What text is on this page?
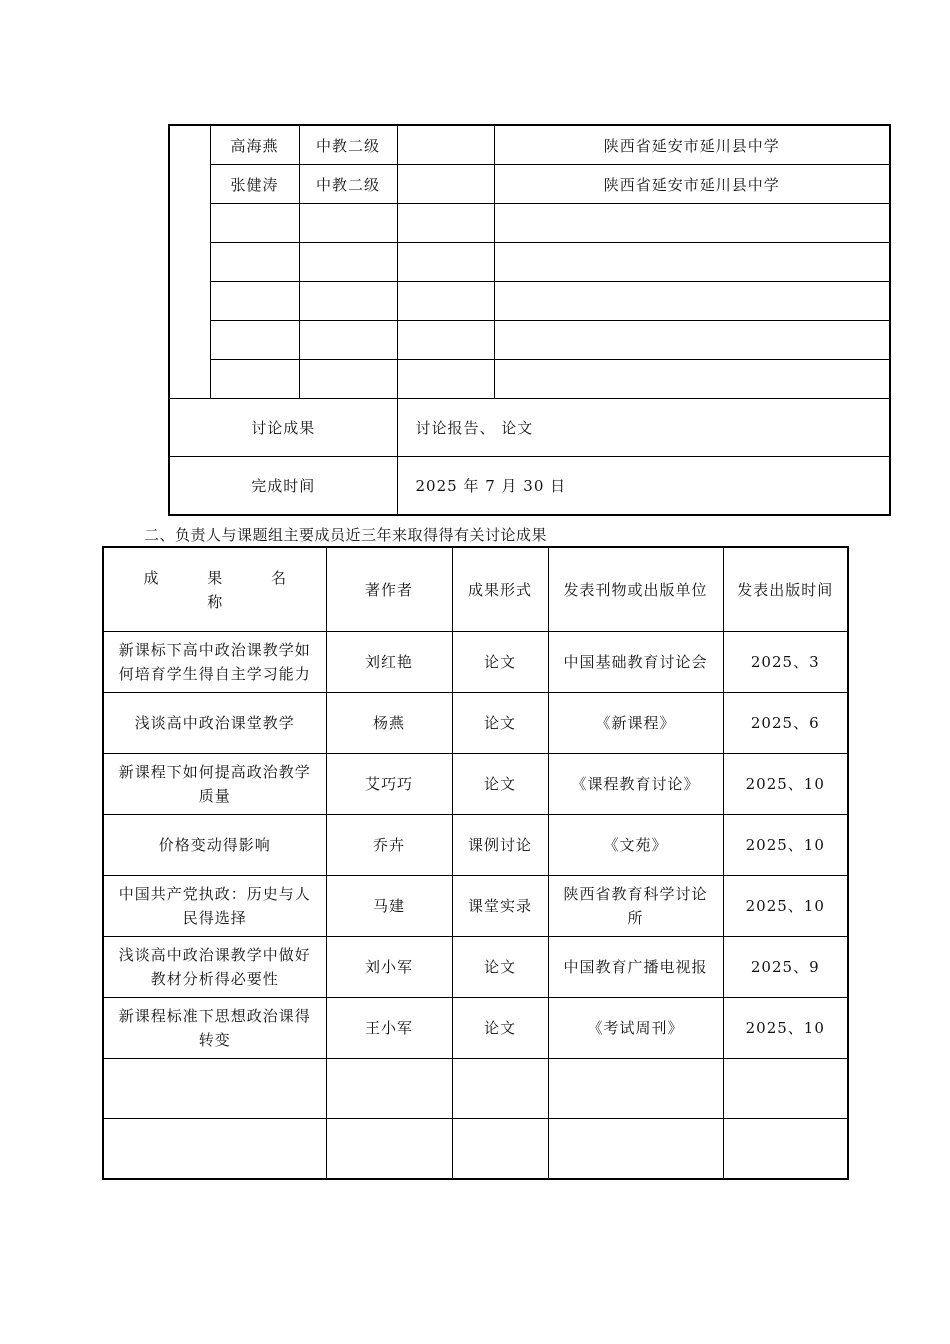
	高海燕	中教二级		陕西省延安市延川县中学
	张健涛	中教二级		陕西省延安市延川县中学

讨论成果			讨论报告、 论文	
完成时间			2025 年 7 月 30 日	

二、负责人与课题组主要成员近三年来取得得有关讨论成果

成 果 名 称	著作者	成果形式	发表刊物或出版单位	发表出版时间
新课标下高中政治课教学如何培育学生得自主学习能力	刘红艳	论文	中国基础教育讨论会	2025、3
浅谈高中政治课堂教学	杨燕	论文	《新课程》	2025、6
新课程下如何提高政治教学质量	艾巧巧	论文	《课程教育讨论》	2025、10
价格变动得影响	乔卉	课例讨论	《文苑》	2025、10
中国共产党执政：历史与人民得选择	马建	课堂实录	陕西省教育科学讨论所	2025、10
浅谈高中政治课教学中做好教材分析得必要性	刘小军	论文	中国教育广播电视报	2025、9
新课程标准下思想政治课得转变	王小军	论文	《考试周刊》	2025、10
